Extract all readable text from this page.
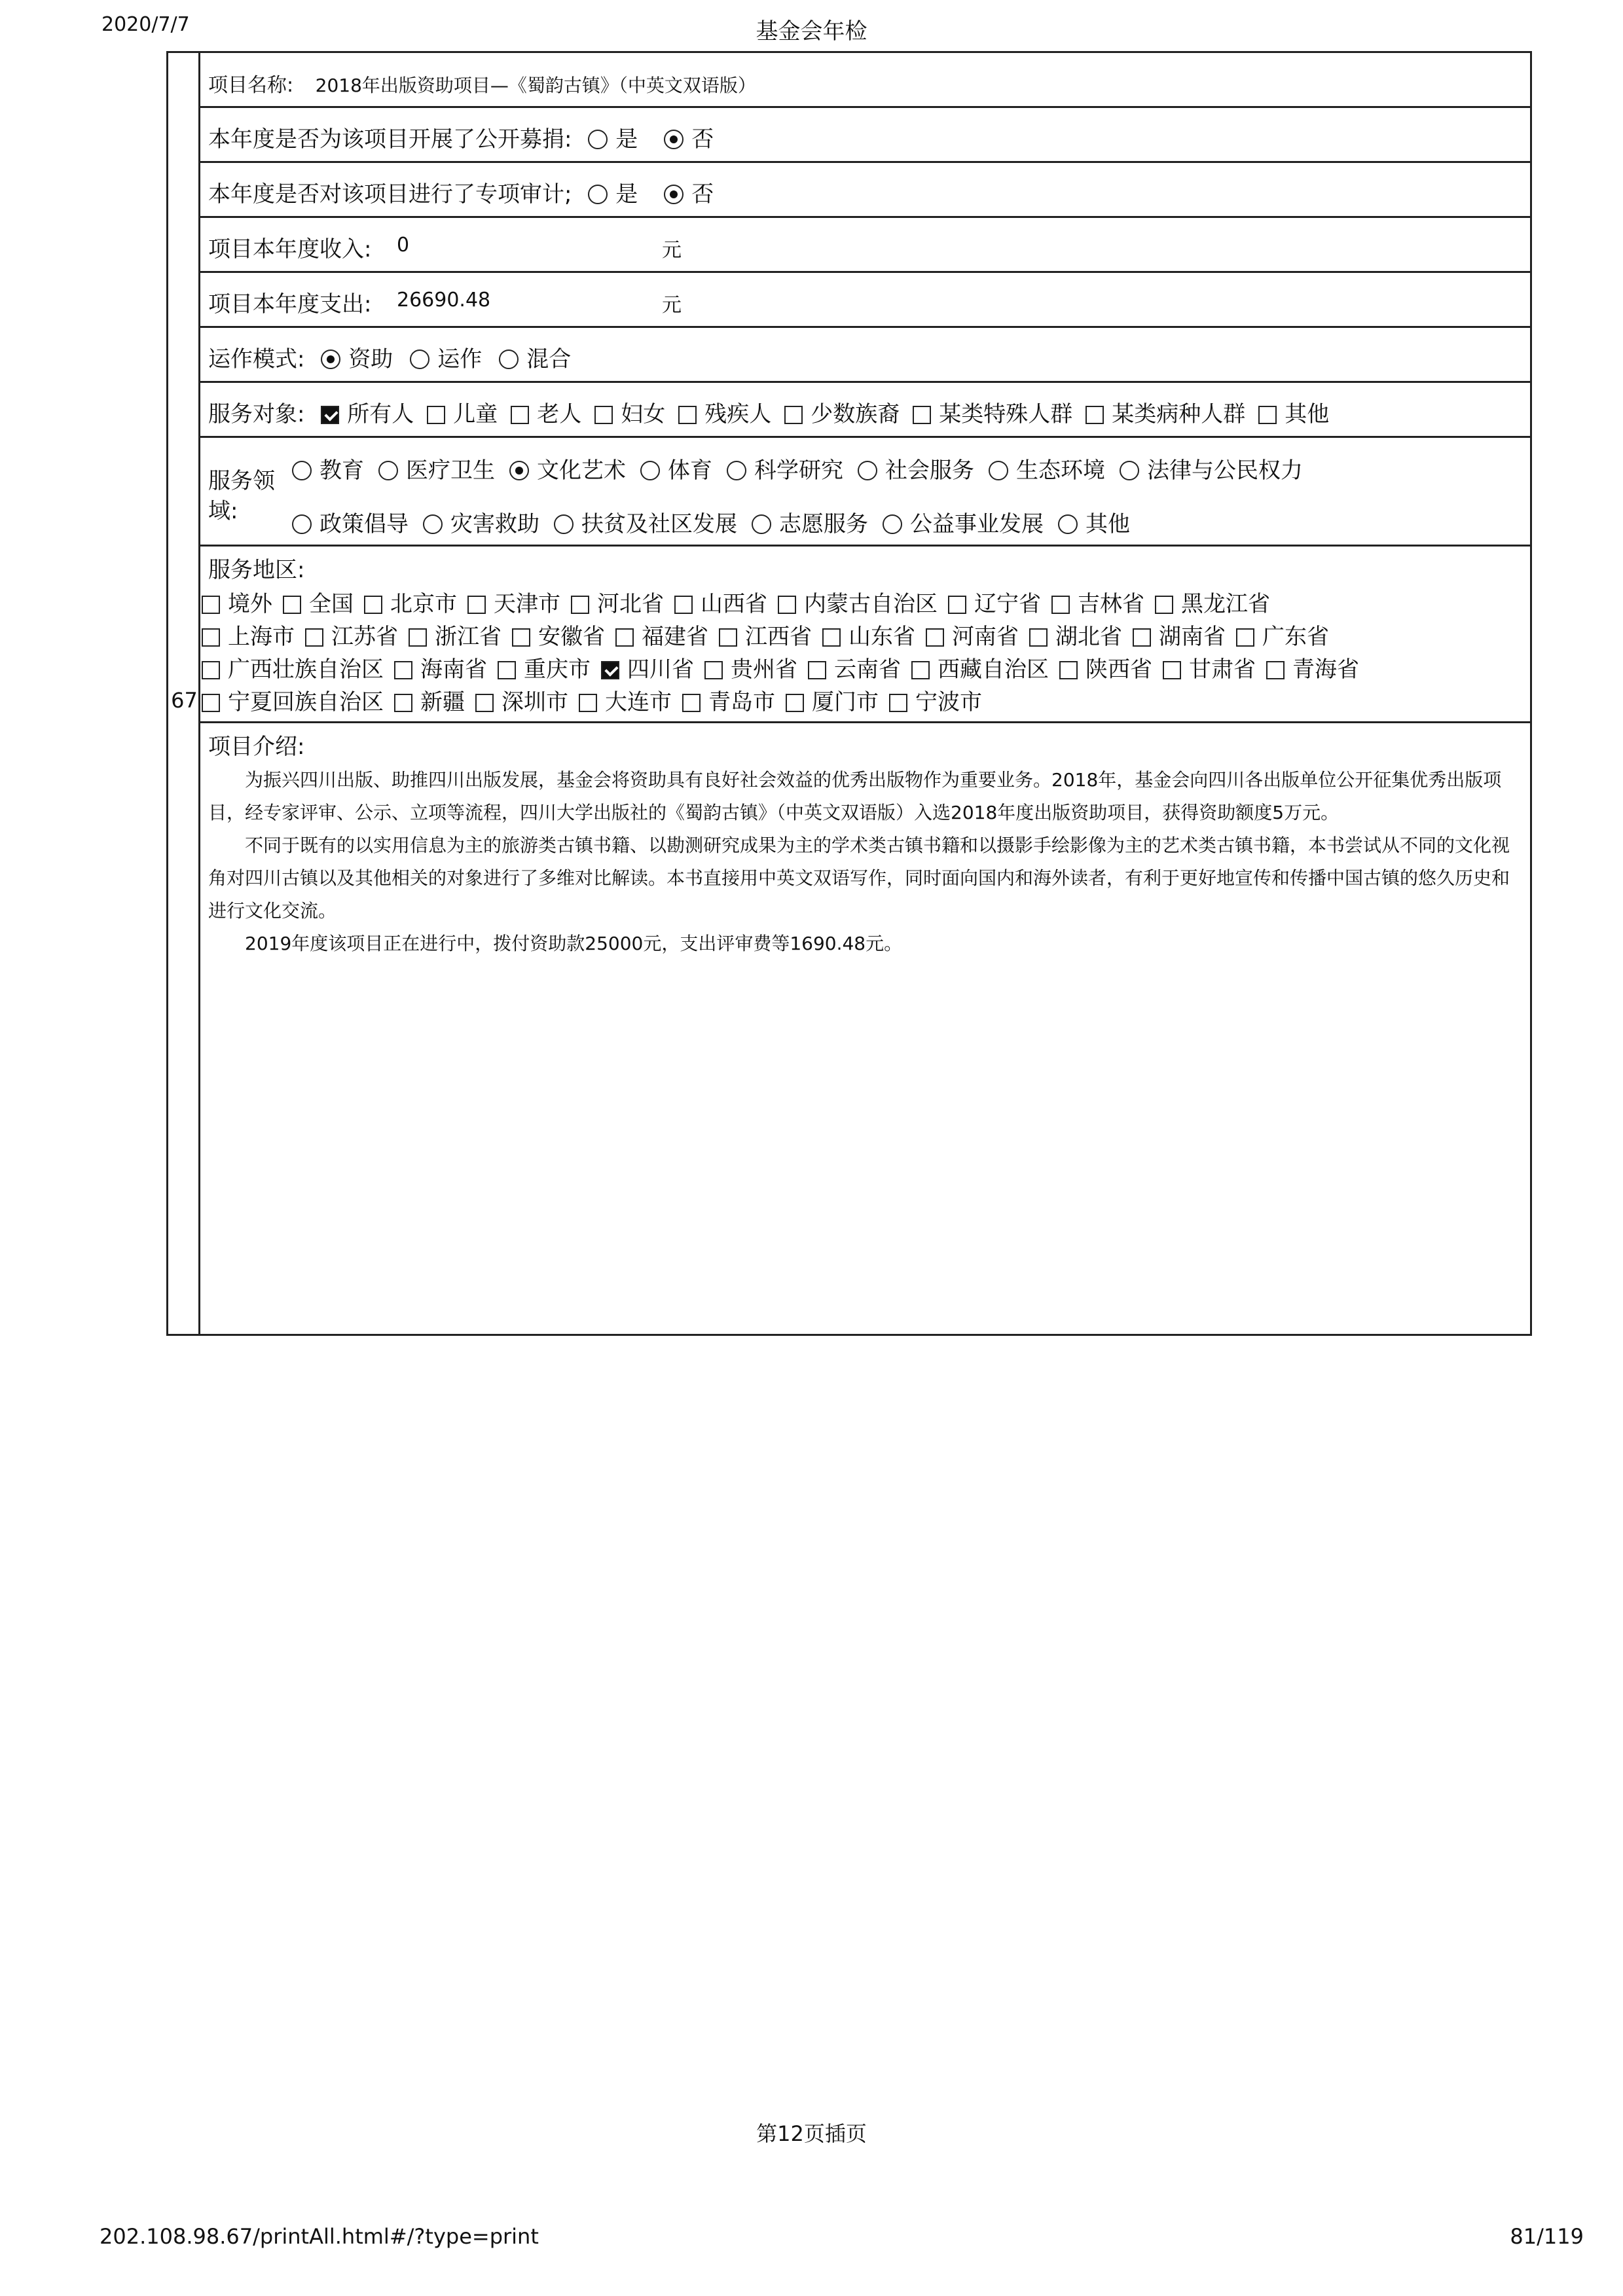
2020/7/7	基金会年检
67
项目名称: 2018年出版资助项目—《蜀韵古镇》（中英文双语版）
本年度是否为该项目开展了公开募捐: 是 否
本年度是否对该项目进行了专项审计; 是 否
项目本年度收入: 0	元
项目本年度支出: 26690.48	元
运作模式: 资助 运作 混合
服务对象: 所有人 儿童 老人 妇女 残疾人 少数族裔 某类特殊人群 某类病种人群 其他
服务领
域:
教育 医疗卫生 文化艺术 体育 科学研究 社会服务 生态环境 法律与公民权力
政策倡导 灾害救助 扶贫及社区发展 志愿服务 公益事业发展 其他
服务地区:
境外 全国 北京市 天津市 河北省 山西省 内蒙古自治区 辽宁省 吉林省 黑龙江省
上海市 江苏省 浙江省 安徽省 福建省 江西省 山东省 河南省 湖北省 湖南省 广东省
广西壮族自治区 海南省 重庆市 四川省 贵州省 云南省 西藏自治区 陕西省 甘肃省 青海省
宁夏回族自治区 新疆 深圳市 大连市 青岛市 厦门市 宁波市
项目介绍:

为振兴四川出版、助推四川出版发展，基金会将资助具有良好社会效益的优秀出版物作为重要业务。2018年，基金会向四川各出版单位公开征集优秀出版项目，经专家评审、公示、立项等流程，四川大学出版社的《蜀韵古镇》（中英文双语版）入选2018年度出版资助项目，获得资助额度5万元。

不同于既有的以实用信息为主的旅游类古镇书籍、以勘测研究成果为主的学术类古镇书籍和以摄影手绘影像为主的艺术类古镇书籍，本书尝试从不同的文化视角对四川古镇以及其他相关的对象进行了多维对比解读。本书直接用中英文双语写作，同时面向国内和海外读者，有利于更好地宣传和传播中国古镇的悠久历史和进行文化交流。

2019年度该项目正在进行中，拨付资助款25000元，支出评审费等1690.48元。

第12页插页
202.108.98.67/printAll.html#/?type=print	81/119
